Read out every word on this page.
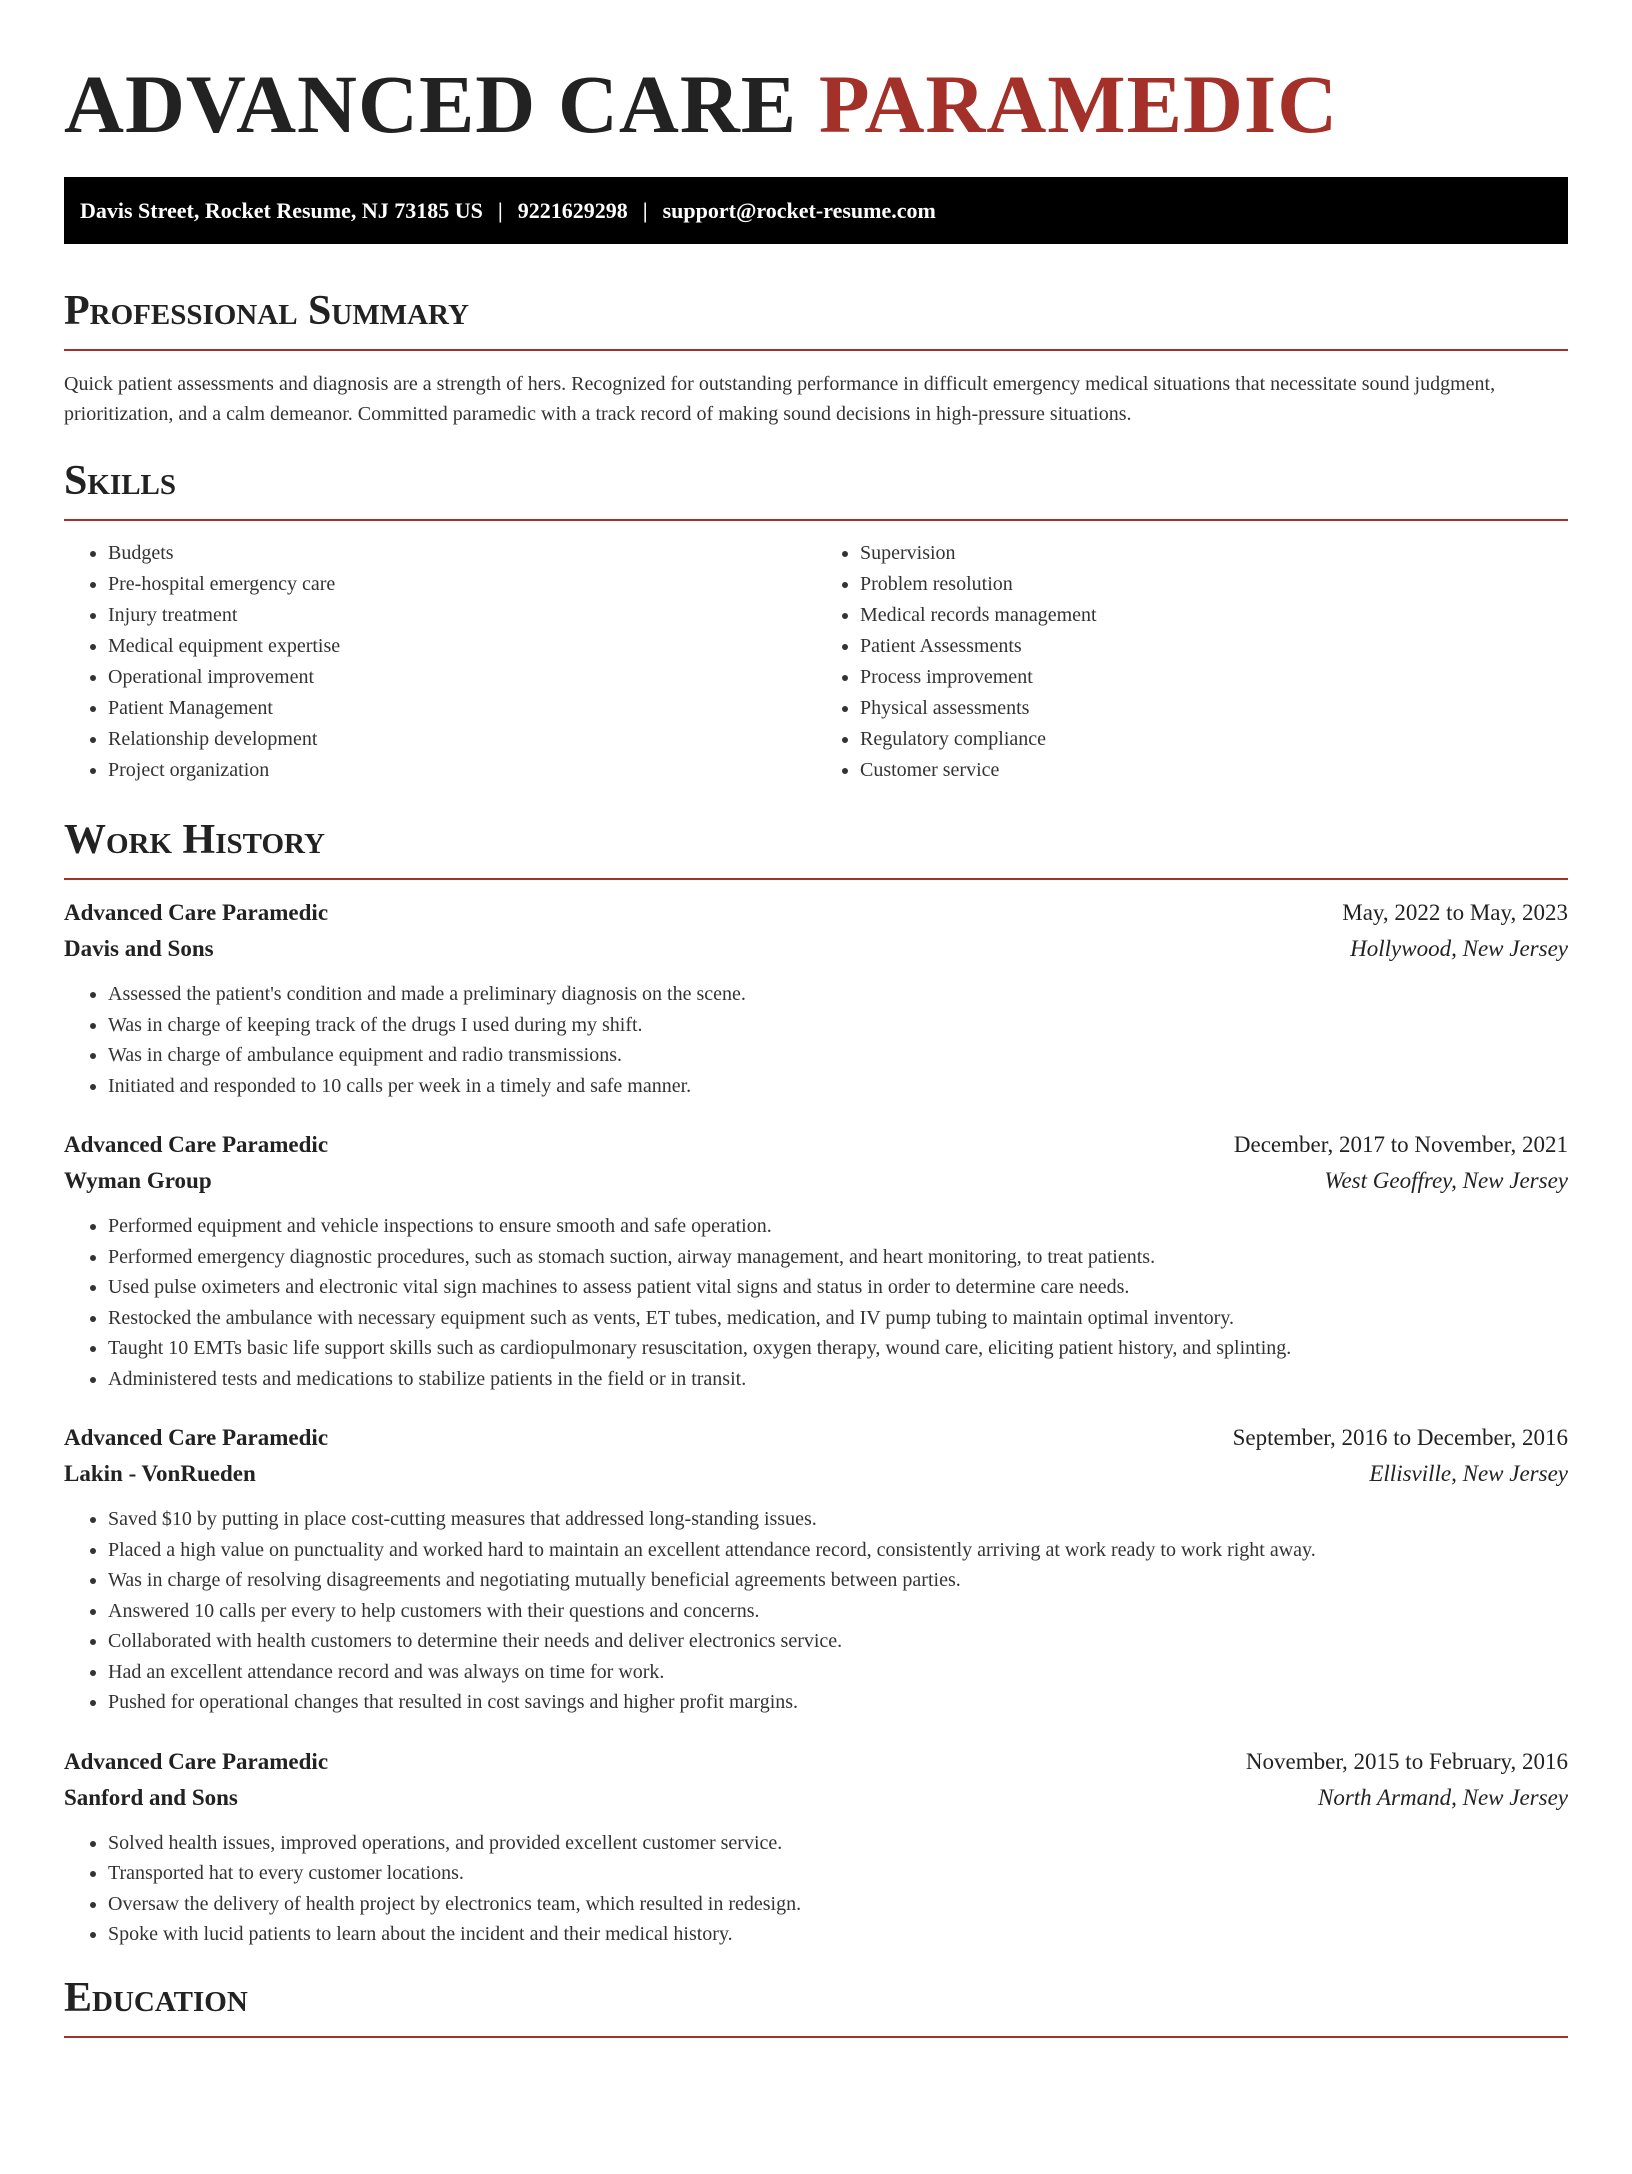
ADVANCED CARE PARAMEDIC
Davis Street, Rocket Resume, NJ 73185 US | 9221629298 | support@rocket-resume.com
Professional Summary

Quick patient assessments and diagnosis are a strength of hers. Recognized for outstanding performance in difficult emergency medical situations that necessitate sound judgment, prioritization, and a calm demeanor. Committed paramedic with a track record of making sound decisions in high-pressure situations.

Skills
• Budgets
• Pre-hospital emergency care
• Injury treatment
• Medical equipment expertise
• Operational improvement
• Patient Management
• Relationship development
• Project organization
• Supervision
• Problem resolution
• Medical records management
• Patient Assessments
• Process improvement
• Physical assessments
• Regulatory compliance
• Customer service
Work History
Advanced Care Paramedic	May, 2022 to May, 2023
Davis and Sons	Hollywood, New Jersey
• Assessed the patient's condition and made a preliminary diagnosis on the scene.
• Was in charge of keeping track of the drugs I used during my shift.
• Was in charge of ambulance equipment and radio transmissions.
• Initiated and responded to 10 calls per week in a timely and safe manner.
Advanced Care Paramedic	December, 2017 to November, 2021
Wyman Group	West Geoffrey, New Jersey
• Performed equipment and vehicle inspections to ensure smooth and safe operation.
• Performed emergency diagnostic procedures, such as stomach suction, airway management, and heart monitoring, to treat patients.
• Used pulse oximeters and electronic vital sign machines to assess patient vital signs and status in order to determine care needs.
• Restocked the ambulance with necessary equipment such as vents, ET tubes, medication, and IV pump tubing to maintain optimal inventory.
• Taught 10 EMTs basic life support skills such as cardiopulmonary resuscitation, oxygen therapy, wound care, eliciting patient history, and splinting.
• Administered tests and medications to stabilize patients in the field or in transit.
Advanced Care Paramedic	September, 2016 to December, 2016
Lakin - VonRueden	Ellisville, New Jersey
• Saved $10 by putting in place cost-cutting measures that addressed long-standing issues.
• Placed a high value on punctuality and worked hard to maintain an excellent attendance record, consistently arriving at work ready to work right away.
• Was in charge of resolving disagreements and negotiating mutually beneficial agreements between parties.
• Answered 10 calls per every to help customers with their questions and concerns.
• Collaborated with health customers to determine their needs and deliver electronics service.
• Had an excellent attendance record and was always on time for work.
• Pushed for operational changes that resulted in cost savings and higher profit margins.
Advanced Care Paramedic	November, 2015 to February, 2016
Sanford and Sons	North Armand, New Jersey
• Solved health issues, improved operations, and provided excellent customer service.
• Transported hat to every customer locations.
• Oversaw the delivery of health project by electronics team, which resulted in redesign.
• Spoke with lucid patients to learn about the incident and their medical history.
Education
